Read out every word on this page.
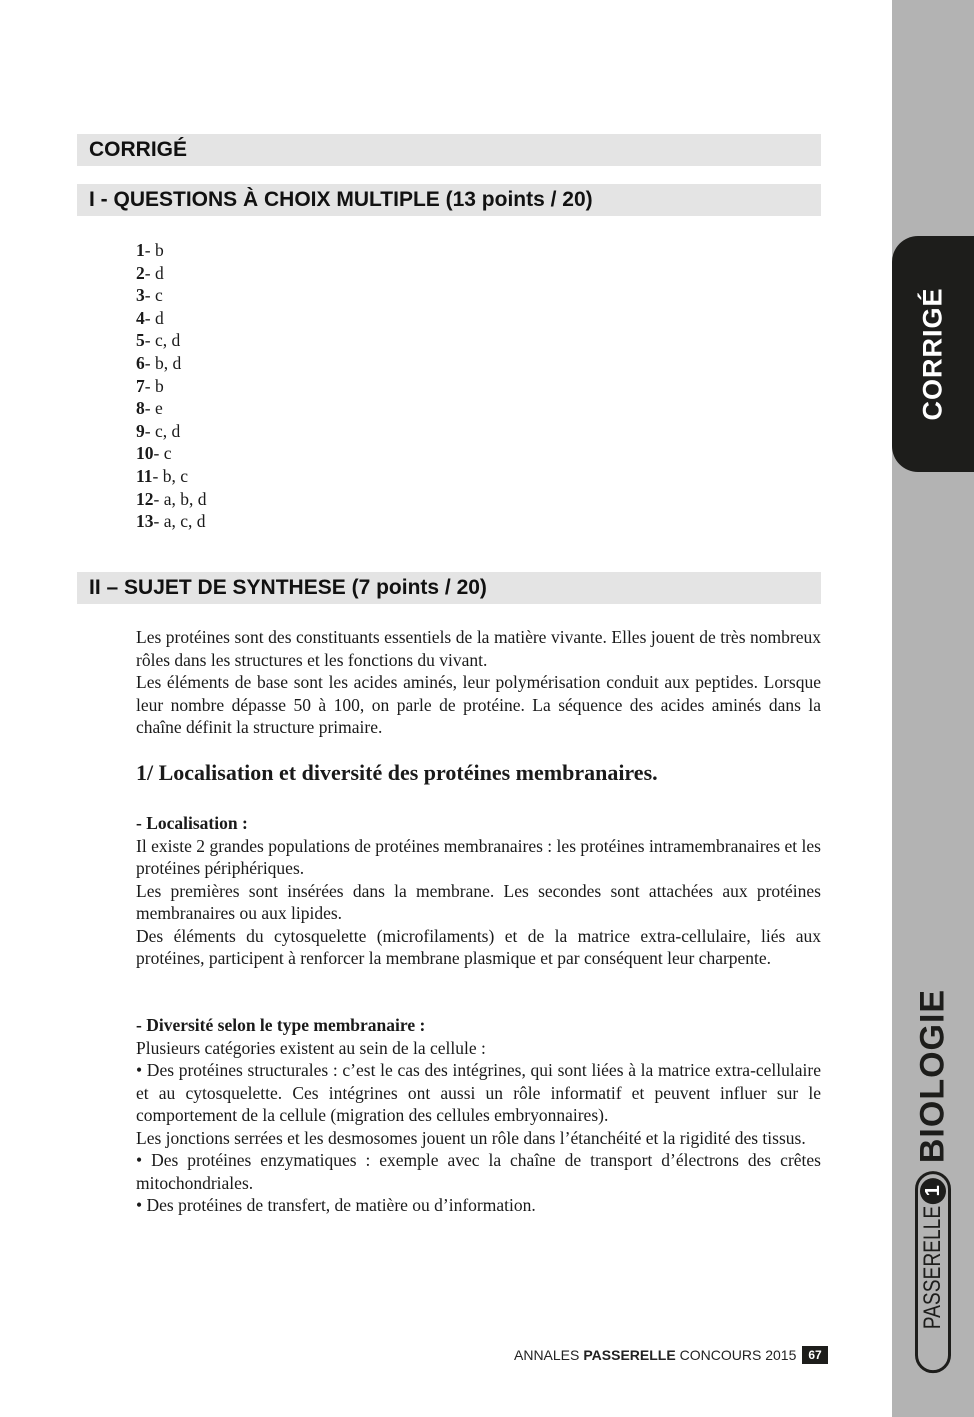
CORRIGÉ
BIOLOGIE
PASSERELLE
1
CORRIGÉ
I - QUESTIONS À CHOIX MULTIPLE (13 points / 20)
1- b
2- d
3- c
4- d
5- c, d
6- b, d
7- b
8- e
9- c, d
10- c
11- b, c
12- a, b, d
13- a, c, d
II – SUJET DE SYNTHESE (7 points / 20)

Les protéines sont des constituants essentiels de la matière vivante. Elles jouent de très nombreux rôles dans les structures et les fonctions du vivant.

Les éléments de base sont les acides aminés, leur polymérisation conduit aux peptides. Lorsque leur nombre dépasse 50 à 100, on parle de protéine. La séquence des acides aminés dans la chaîne définit la structure primaire.

1/ Localisation et diversité des protéines membranaires.

- Localisation :

Il existe 2 grandes populations de protéines membranaires : les protéines intramembranaires et les protéines périphériques.

Les premières sont insérées dans la membrane. Les secondes sont attachées aux protéines membranaires ou aux lipides.

Des éléments du cytosquelette (microfilaments) et de la matrice extra-cellulaire, liés aux protéines, participent à renforcer la membrane plasmique et par conséquent leur charpente.

- Diversité selon le type membranaire :

Plusieurs catégories existent au sein de la cellule :

• Des protéines structurales : c’est le cas des intégrines, qui sont liées à la matrice extra-cellulaire et au cytosquelette. Ces intégrines ont aussi un rôle informatif et peuvent influer sur le comportement de la cellule (migration des cellules embryonnaires).

Les jonctions serrées et les desmosomes jouent un rôle dans l’étanchéité et la rigidité des tissus.

• Des protéines enzymatiques : exemple avec la chaîne de transport d’électrons des crêtes mitochondriales.

• Des protéines de transfert, de matière ou d’information.

ANNALES PASSERELLE CONCOURS 2015	67
